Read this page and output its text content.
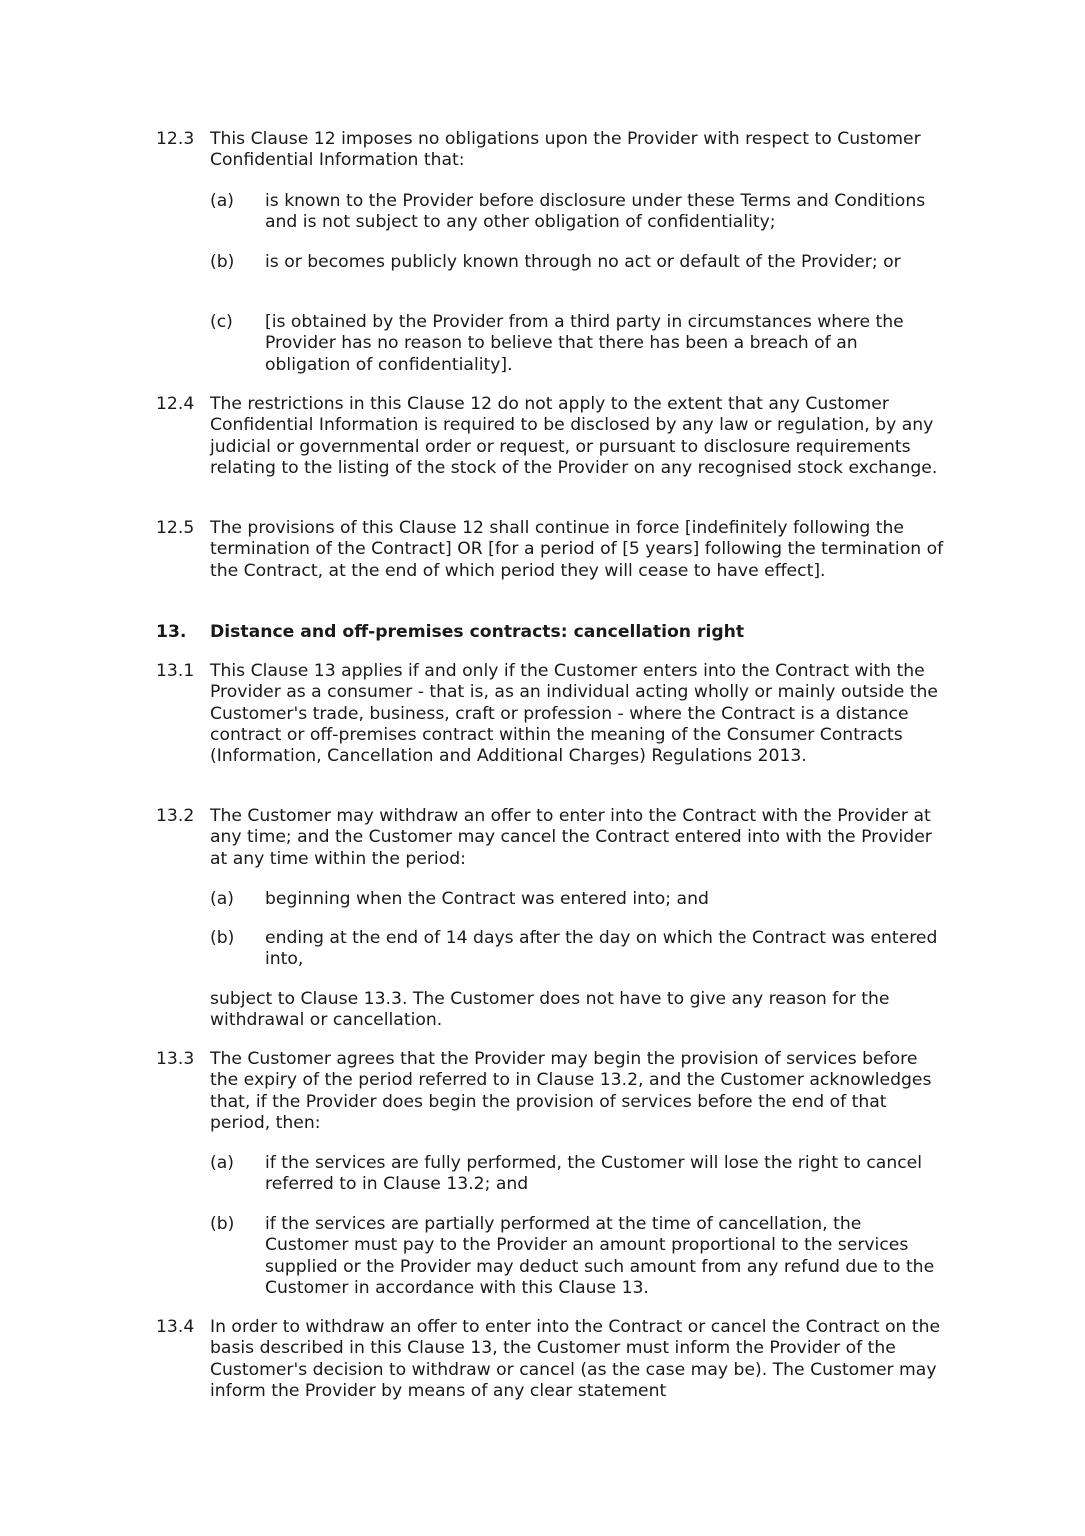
12.3 This Clause 12 imposes no obligations upon the Provider with respect to Customer Confidential Information that:
(a) is known to the Provider before disclosure under these Terms and Conditions and is not subject to any other obligation of confidentiality;
(b) is or becomes publicly known through no act or default of the Provider; or
(c) [is obtained by the Provider from a third party in circumstances where the Provider has no reason to believe that there has been a breach of an obligation of confidentiality].
12.4 The restrictions in this Clause 12 do not apply to the extent that any Customer Confidential Information is required to be disclosed by any law or regulation, by any judicial or governmental order or request, or pursuant to disclosure requirements relating to the listing of the stock of the Provider on any recognised stock exchange.
12.5 The provisions of this Clause 12 shall continue in force [indefinitely following the termination of the Contract] OR [for a period of [5 years] following the termination of the Contract, at the end of which period they will cease to have effect].
13. Distance and off-premises contracts: cancellation right
13.1 This Clause 13 applies if and only if the Customer enters into the Contract with the Provider as a consumer - that is, as an individual acting wholly or mainly outside the Customer's trade, business, craft or profession - where the Contract is a distance contract or off-premises contract within the meaning of the Consumer Contracts (Information, Cancellation and Additional Charges) Regulations 2013.
13.2 The Customer may withdraw an offer to enter into the Contract with the Provider at any time; and the Customer may cancel the Contract entered into with the Provider at any time within the period:
(a) beginning when the Contract was entered into; and
(b) ending at the end of 14 days after the day on which the Contract was entered into,
subject to Clause 13.3. The Customer does not have to give any reason for the withdrawal or cancellation.
13.3 The Customer agrees that the Provider may begin the provision of services before the expiry of the period referred to in Clause 13.2, and the Customer acknowledges that, if the Provider does begin the provision of services before the end of that period, then:
(a) if the services are fully performed, the Customer will lose the right to cancel referred to in Clause 13.2; and
(b) if the services are partially performed at the time of cancellation, the Customer must pay to the Provider an amount proportional to the services supplied or the Provider may deduct such amount from any refund due to the Customer in accordance with this Clause 13.
13.4 In order to withdraw an offer to enter into the Contract or cancel the Contract on the basis described in this Clause 13, the Customer must inform the Provider of the Customer's decision to withdraw or cancel (as the case may be). The Customer may inform the Provider by means of any clear statement
